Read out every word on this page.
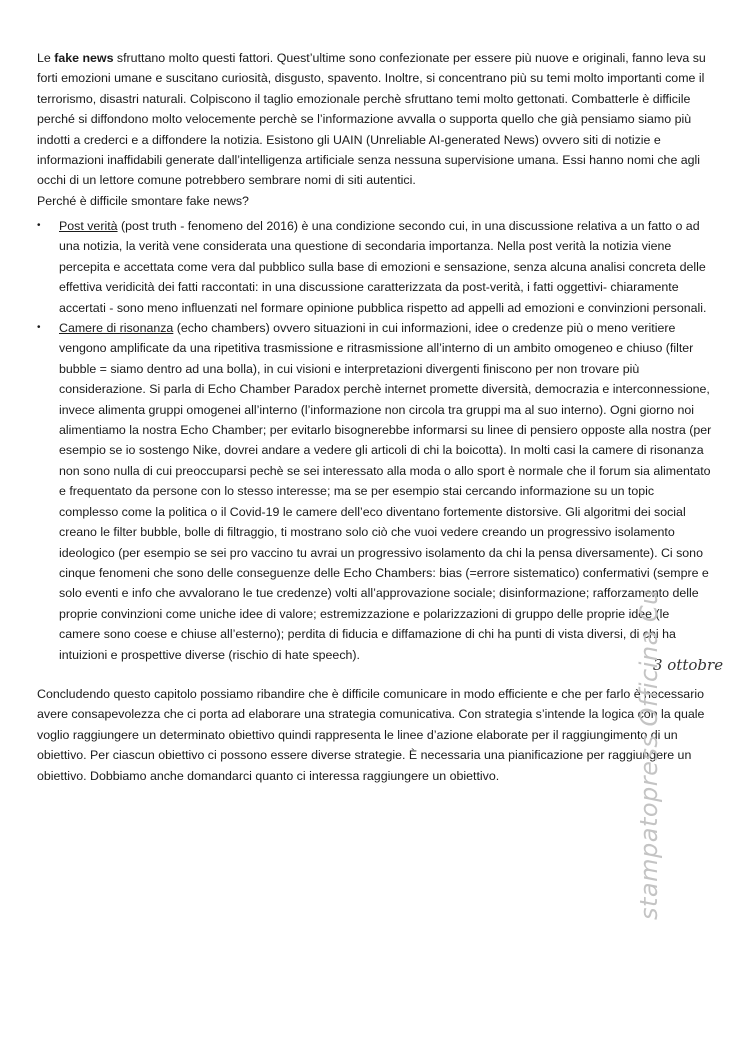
Le fake news sfruttano molto questi fattori. Quest’ultime sono confezionate per essere più nuove e originali, fanno leva su forti emozioni umane e suscitano curiosità, disgusto, spavento. Inoltre, si concentrano più su temi molto importanti come il terrorismo, disastri naturali. Colpiscono il taglio emozionale perchè sfruttano temi molto gettonati. Combatterle è difficile perché si diffondono molto velocemente perchè se l’informazione avvalla o supporta quello che già pensiamo siamo più indotti a crederci e a diffondere la notizia. Esistono gli UAIN (Unreliable AI-generated News) ovvero siti di notizie e informazioni inaffidabili generate dall’intelligenza artificiale senza nessuna supervisione umana. Essi hanno nomi che agli occhi di un lettore comune potrebbero sembrare nomi di siti autentici.
Perché è difficile smontare fake news?

• Post verità (post truth - fenomeno del 2016) è una condizione secondo cui, in una discussione relativa a un fatto o ad una notizia, la verità vene considerata una questione di secondaria importanza. Nella post verità la notizia viene percepita e accettata come vera dal pubblico sulla base di emozioni e sensazione, senza alcuna analisi concreta delle effettiva veridicità dei fatti raccontati: in una discussione caratterizzata da post-verità, i fatti oggettivi- chiaramente accertati - sono meno influenzati nel formare opinione pubblica rispetto ad appelli ad emozioni e convinzioni personali.
• Camere di risonanza (echo chambers) ovvero situazioni in cui informazioni, idee o credenze più o meno veritiere vengono amplificate da una ripetitiva trasmissione e ritrasmissione all’interno di un ambito omogeneo e chiuso (filter bubble = siamo dentro ad una bolla), in cui visioni e interpretazioni divergenti finiscono per non trovare più considerazione. Si parla di Echo Chamber Paradox perchè internet promette diversità, democrazia e interconnessione, invece alimenta gruppi omogenei all’interno (l’informazione non circola tra gruppi ma al suo interno). Ogni giorno noi alimentiamo la nostra Echo Chamber; per evitarlo bisognerebbe informarsi su linee di pensiero opposte alla nostra (per esempio se io sostengo Nike, dovrei andare a vedere gli articoli di chi la boicotta). In molti casi la camere di risonanza non sono nulla di cui preoccuparsi pechè se sei interessato alla moda o allo sport è normale che il forum sia alimentato e frequentato da persone con lo stesso interesse; ma se per esempio stai cercando informazione su un topic complesso come la politica o il Covid-19 le camere dell’eco diventano fortemente distorsive. Gli algoritmi dei social creano le filter bubble, bolle di filtraggio, ti mostrano solo ciò che vuoi vedere creando un progressivo isolamento ideologico (per esempio se sei pro vaccino tu avrai un progressivo isolamento da chi la pensa diversamente). Ci sono cinque fenomeni che sono delle conseguenze delle Echo Chambers: bias (=errore sistematico) confermativi (sempre e solo eventi e info che avvalorano le tue credenze) volti all’approvazione sociale; disinformazione; rafforzamento delle proprie convinzioni come uniche idee di valore; estremizzazione e polarizzazioni di gruppo delle proprie idee (le camere sono coese e chiuse all’esterno); perdita di fiducia e diffamazione di chi ha punti di vista diversi, di chi ha intuizioni e prospettive diverse (rischio di hate speech).
3 ottobre

Concludendo questo capitolo possiamo ribandire che è difficile comunicare in modo efficiente e che per farlo è necessario avere consapevolezza che ci porta ad elaborare una strategia comunicativa. Con strategia s’intende la logica con la quale voglio raggiungere un determinato obiettivo quindi rappresenta le linee d’azione elaborate per il raggiungimento di un obiettivo. Per ciascun obiettivo ci possono essere diverse strategie. È necessaria una pianificazione per raggiungere un obiettivo. Dobbiamo anche domandarci quanto ci interessa raggiungere un obiettivo.	stampatopress Officina Cu
